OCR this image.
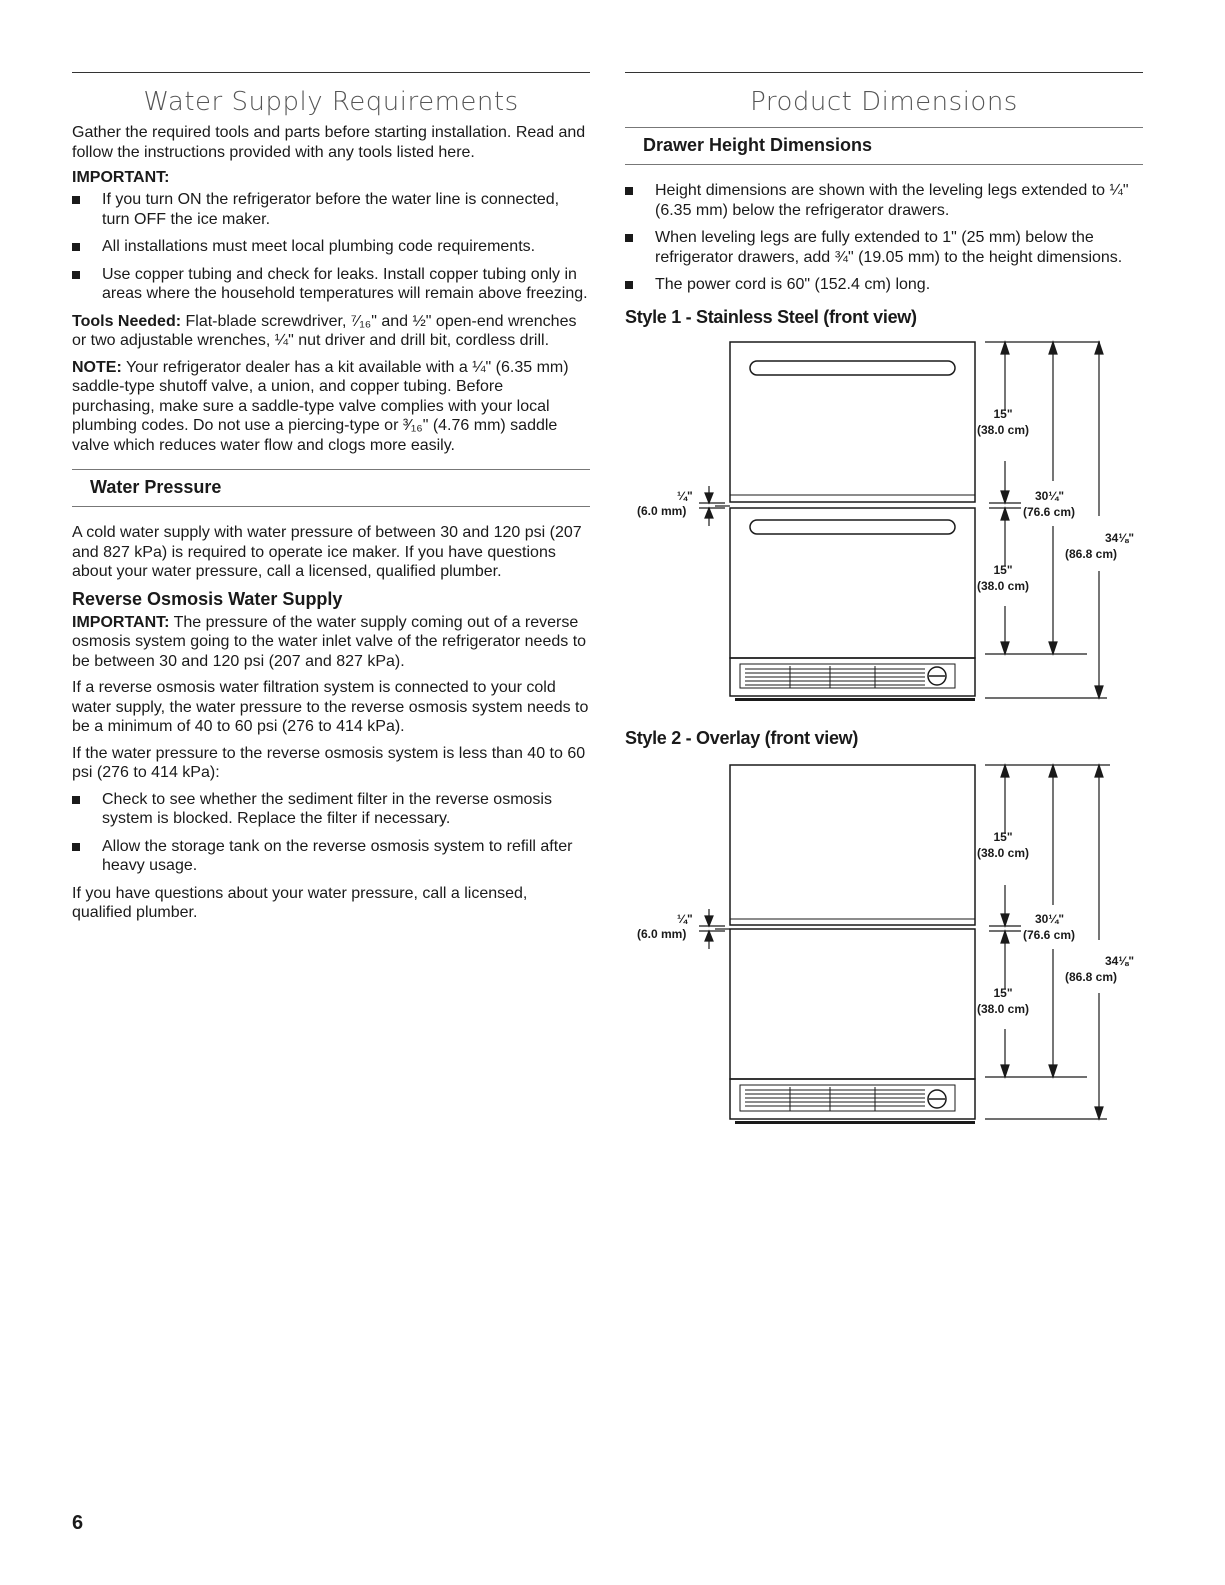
Water Supply Requirements

Gather the required tools and parts before starting installation. Read and follow the instructions provided with any tools listed here.

IMPORTANT:
If you turn ON the refrigerator before the water line is connected, turn OFF the ice maker.
All installations must meet local plumbing code requirements.
Use copper tubing and check for leaks. Install copper tubing only in areas where the household temperatures will remain above freezing.

Tools Needed: Flat-blade screwdriver, ⁷⁄₁₆" and ½" open-end wrenches or two adjustable wrenches, ¼" nut driver and drill bit, cordless drill.

NOTE: Your refrigerator dealer has a kit available with a ¼" (6.35 mm) saddle-type shutoff valve, a union, and copper tubing. Before purchasing, make sure a saddle-type valve complies with your local plumbing codes. Do not use a piercing-type or ³⁄₁₆" (4.76 mm) saddle valve which reduces water flow and clogs more easily.

Water Pressure

A cold water supply with water pressure of between 30 and 120 psi (207 and 827 kPa) is required to operate ice maker. If you have questions about your water pressure, call a licensed, qualified plumber.

Reverse Osmosis Water Supply

IMPORTANT: The pressure of the water supply coming out of a reverse osmosis system going to the water inlet valve of the refrigerator needs to be between 30 and 120 psi (207 and 827 kPa).

If a reverse osmosis water filtration system is connected to your cold water supply, the water pressure to the reverse osmosis system needs to be a minimum of 40 to 60 psi (276 to 414 kPa).

If the water pressure to the reverse osmosis system is less than 40 to 60 psi (276 to 414 kPa):

Check to see whether the sediment filter in the reverse osmosis system is blocked. Replace the filter if necessary.
Allow the storage tank on the reverse osmosis system to refill after heavy usage.

If you have questions about your water pressure, call a licensed, qualified plumber.

Product Dimensions
Drawer Height Dimensions
Height dimensions are shown with the leveling legs extended to ¼" (6.35 mm) below the refrigerator drawers.
When leveling legs are fully extended to 1" (25 mm) below the refrigerator drawers, add ¾" (19.05 mm) to the height dimensions.
The power cord is 60" (152.4 cm) long.
Style 1 - Stainless Steel (front view)
15"
(38.0 cm)
15"
(38.0 cm)
30¼"
(76.6 cm)
34⅛"
(86.8 cm)
¼"
(6.0 mm)
Style 2 - Overlay (front view)
15"
(38.0 cm)
15"
(38.0 cm)
30¼"
(76.6 cm)
34⅛"
(86.8 cm)
¼"
(6.0 mm)
6
